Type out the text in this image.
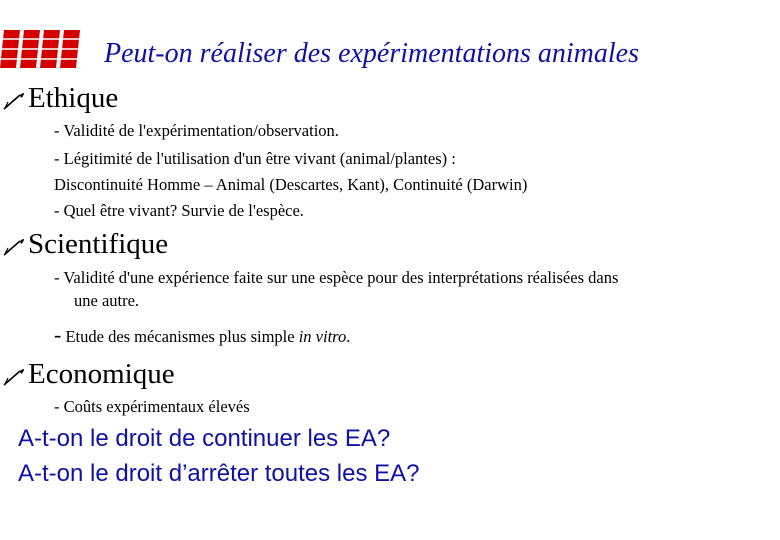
Peut-on réaliser des expérimentations animales
Ethique
- Validité de l'expérimentation/observation.
- Légitimité de l'utilisation d'un être vivant (animal/plantes) :
Discontinuité Homme – Animal (Descartes, Kant), Continuité (Darwin)
- Quel être vivant? Survie de l'espèce.
Scientifique
- Validité d'une expérience faite sur une espèce pour des interprétations réalisées dans
une autre.
- Etude des mécanismes plus simple in vitro.
Economique
- Coûts expérimentaux élevés
A-t-on le droit de continuer les EA?
A-t-on le droit d’arrêter toutes les EA?
